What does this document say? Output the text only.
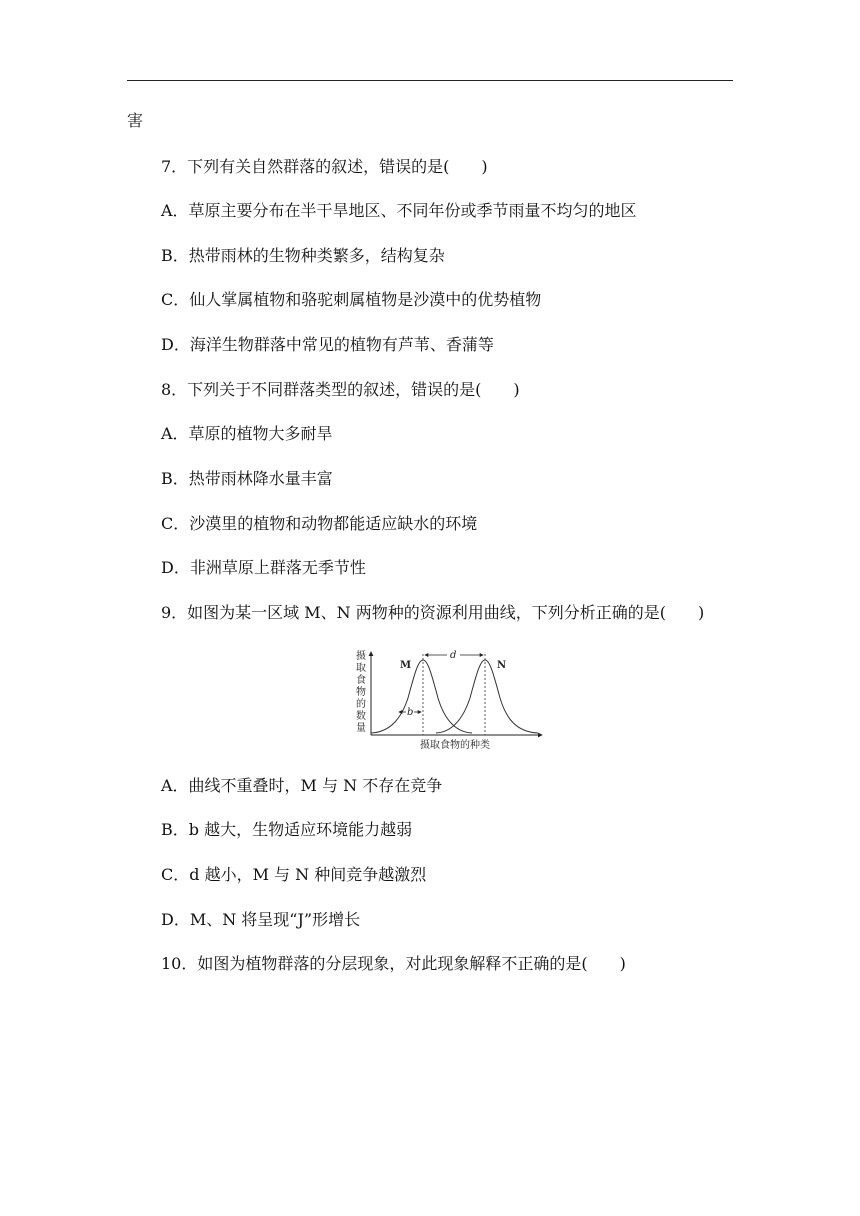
害
7．下列有关自然群落的叙述，错误的是(　　)
A．草原主要分布在半干旱地区、不同年份或季节雨量不均匀的地区
B．热带雨林的生物种类繁多，结构复杂
C．仙人掌属植物和骆驼刺属植物是沙漠中的优势植物
D．海洋生物群落中常见的植物有芦苇、香蒲等
8．下列关于不同群落类型的叙述，错误的是(　　)
A．草原的植物大多耐旱
B．热带雨林降水量丰富
C．沙漠里的植物和动物都能适应缺水的环境
D．非洲草原上群落无季节性
9．如图为某一区域 M、N 两物种的资源利用曲线，下列分析正确的是(　　)
摄
取
食
物
的
数
量
d
b
M	N
摄取食物的种类
A．曲线不重叠时，M 与 N 不存在竞争
B．b 越大，生物适应环境能力越弱
C．d 越小，M 与 N 种间竞争越激烈
D．M、N 将呈现“J”形增长
10．如图为植物群落的分层现象，对此现象解释不正确的是(　　)
